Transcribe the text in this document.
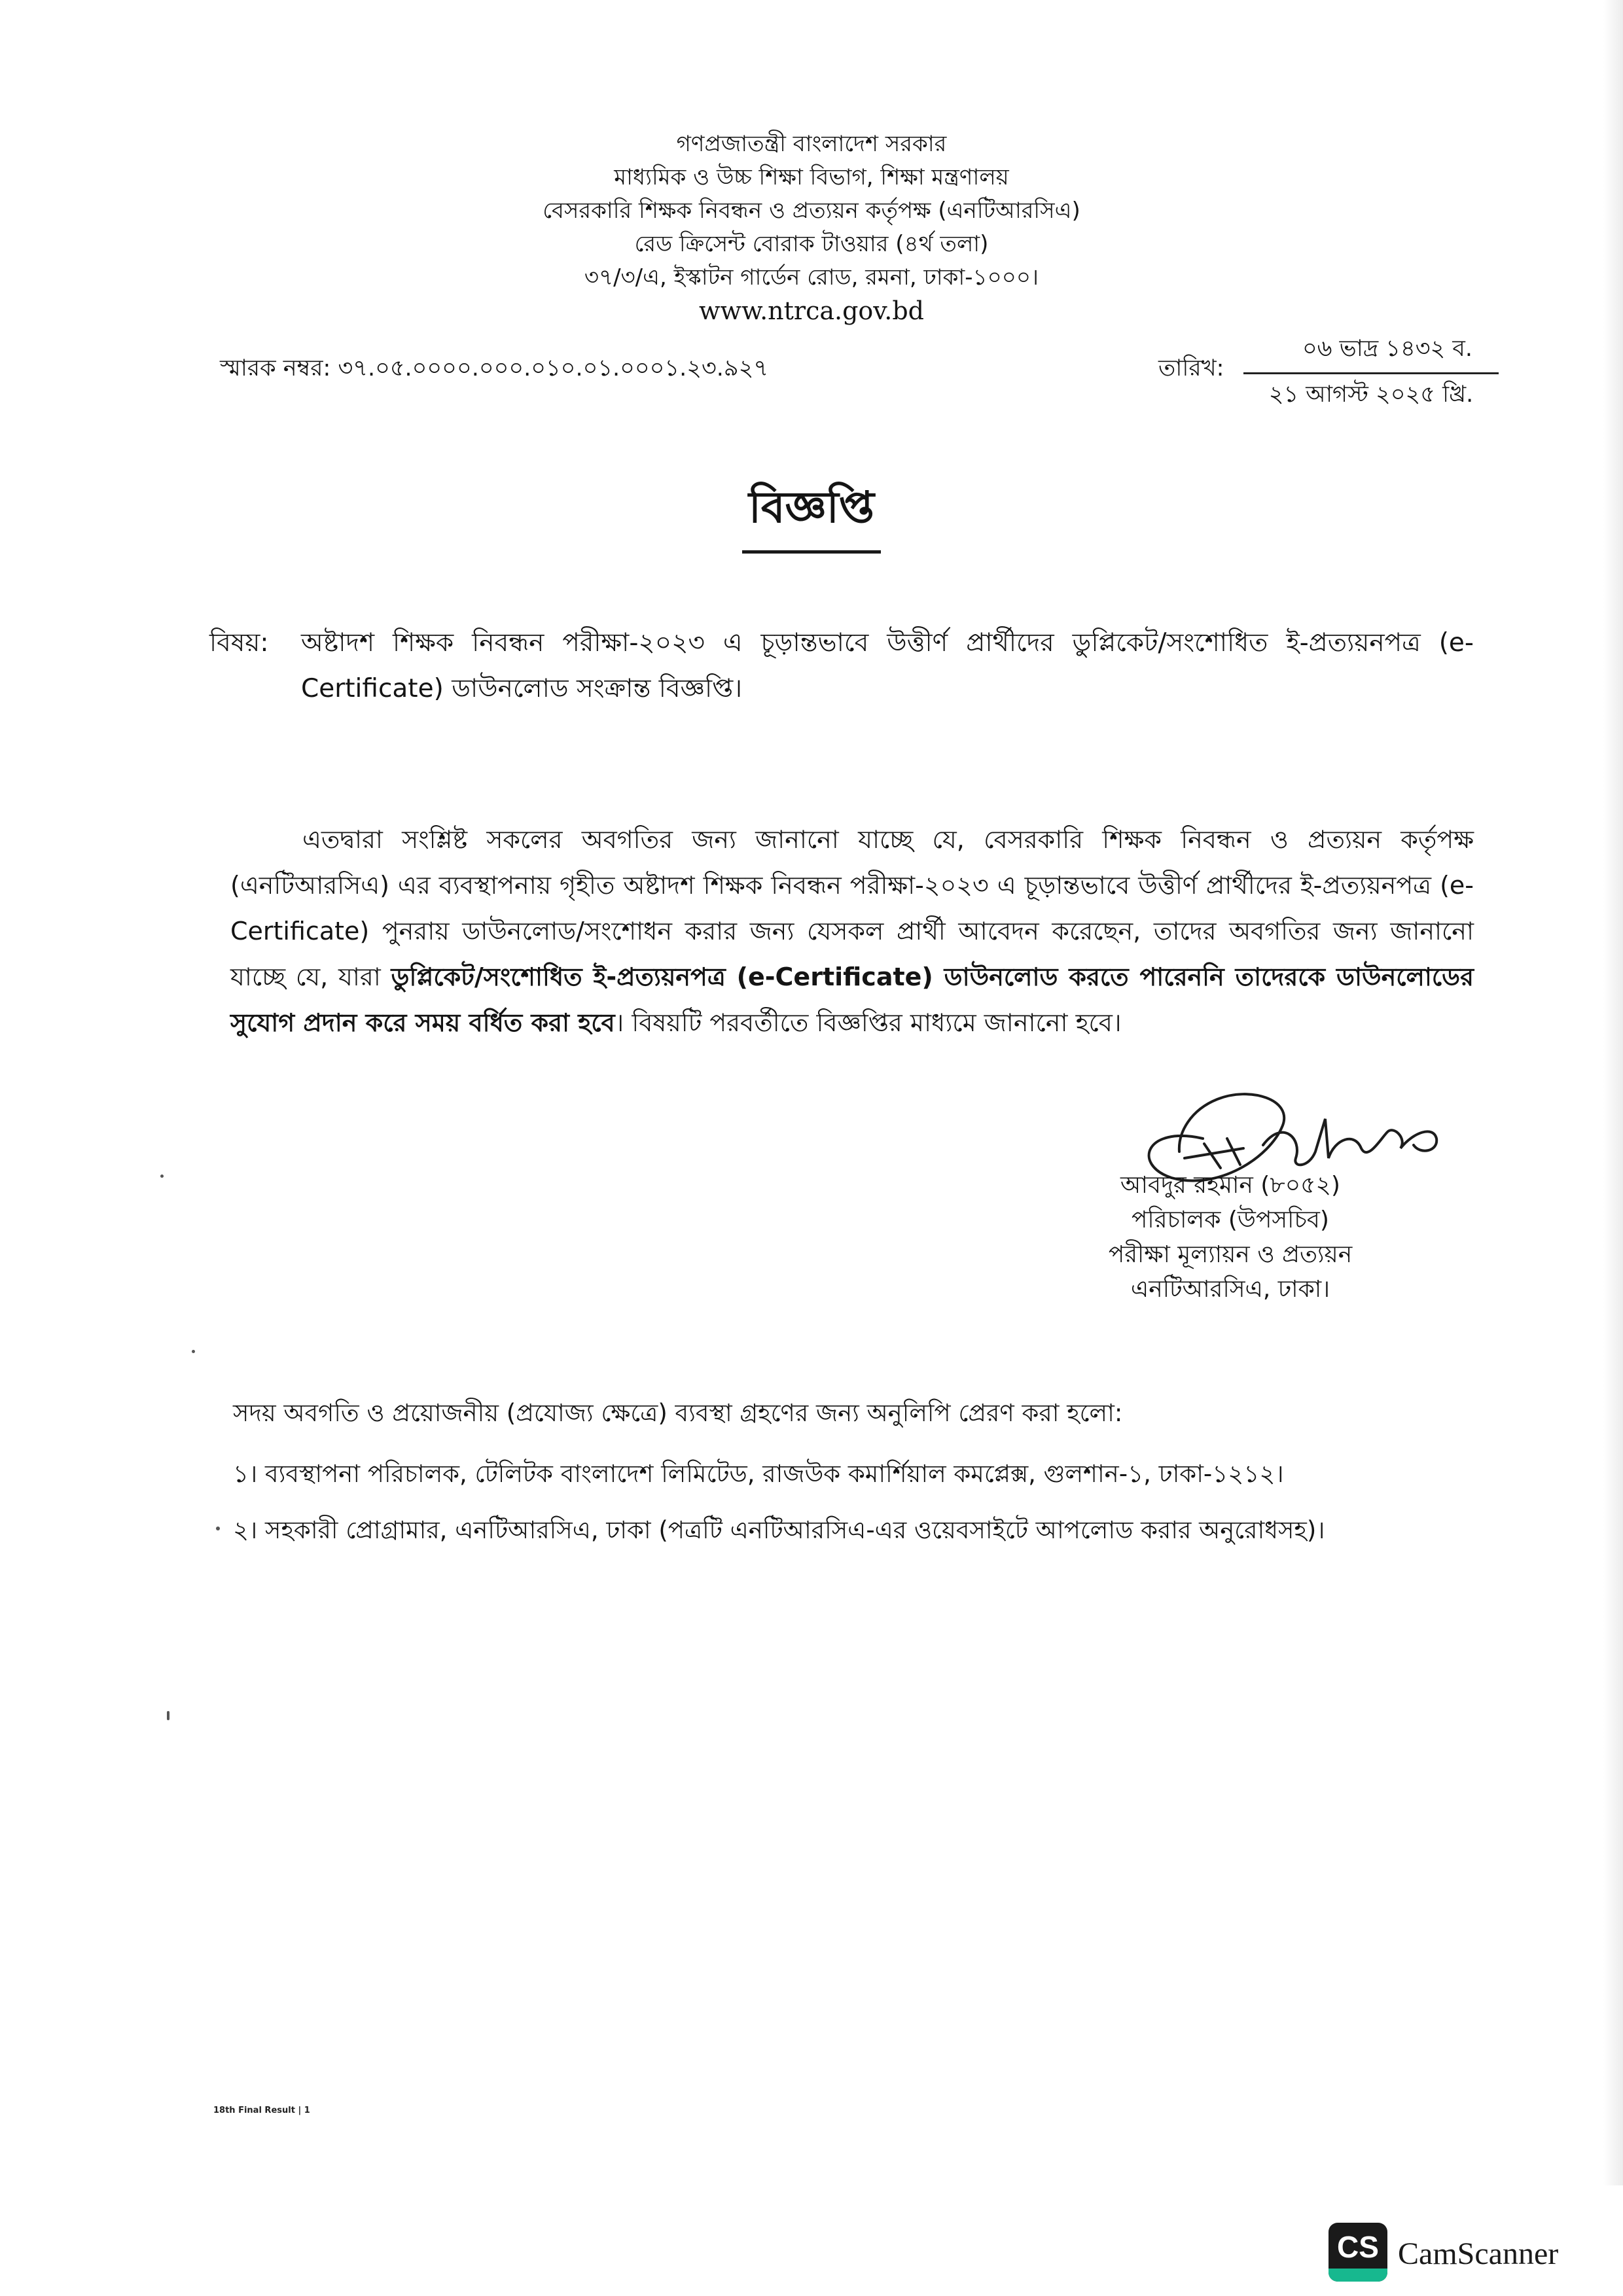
গণপ্রজাতন্ত্রী বাংলাদেশ সরকার
মাধ্যমিক ও উচ্চ শিক্ষা বিভাগ, শিক্ষা মন্ত্রণালয়
বেসরকারি শিক্ষক নিবন্ধন ও প্রত্যয়ন কর্তৃপক্ষ (এনটিআরসিএ)
রেড ক্রিসেন্ট বোরাক টাওয়ার (৪র্থ তলা)
৩৭/৩/এ, ইস্কাটন গার্ডেন রোড, রমনা, ঢাকা-১০০০।
www.ntrca.gov.bd
স্মারক নম্বর: ৩৭.০৫.০০০০.০০০.০১০.০১.০০০১.২৩.৯২৭	তারিখ:
০৬ ভাদ্র ১৪৩২ ব.
২১ আগস্ট ২০২৫ খ্রি.
বিজ্ঞপ্তি
বিষয়: অষ্টাদশ শিক্ষক নিবন্ধন পরীক্ষা-২০২৩ এ চূড়ান্তভাবে উত্তীর্ণ প্রার্থীদের ডুপ্লিকেট/সংশোধিত ই-প্রত্যয়নপত্র (e-Certificate) ডাউনলোড সংক্রান্ত বিজ্ঞপ্তি।
এতদ্বারা সংশ্লিষ্ট সকলের অবগতির জন্য জানানো যাচ্ছে যে, বেসরকারি শিক্ষক নিবন্ধন ও প্রত্যয়ন কর্তৃপক্ষ (এনটিআরসিএ) এর ব্যবস্থাপনায় গৃহীত অষ্টাদশ শিক্ষক নিবন্ধন পরীক্ষা-২০২৩ এ চূড়ান্তভাবে উত্তীর্ণ প্রার্থীদের ই-প্রত্যয়নপত্র (e-Certificate) পুনরায় ডাউনলোড/সংশোধন করার জন্য যেসকল প্রার্থী আবেদন করেছেন, তাদের অবগতির জন্য জানানো যাচ্ছে যে, যারা ডুপ্লিকেট/সংশোধিত ই-প্রত্যয়নপত্র (e-Certificate) ডাউনলোড করতে পারেননি তাদেরকে ডাউনলোডের সুযোগ প্রদান করে সময় বর্ধিত করা হবে। বিষয়টি পরবর্তীতে বিজ্ঞপ্তির মাধ্যমে জানানো হবে।
আবদুর রহমান (৮০৫২)
পরিচালক (উপসচিব)
পরীক্ষা মূল্যায়ন ও প্রত্যয়ন
এনটিআরসিএ, ঢাকা।
সদয় অবগতি ও প্রয়োজনীয় (প্রযোজ্য ক্ষেত্রে) ব্যবস্থা গ্রহণের জন্য অনুলিপি প্রেরণ করা হলো:
১। ব্যবস্থাপনা পরিচালক, টেলিটক বাংলাদেশ লিমিটেড, রাজউক কমার্শিয়াল কমপ্লেক্স, গুলশান-১, ঢাকা-১২১২।
২। সহকারী প্রোগ্রামার, এনটিআরসিএ, ঢাকা (পত্রটি এনটিআরসিএ-এর ওয়েবসাইটে আপলোড করার অনুরোধসহ)।
18th Final Result | 1
CS CamScanner
